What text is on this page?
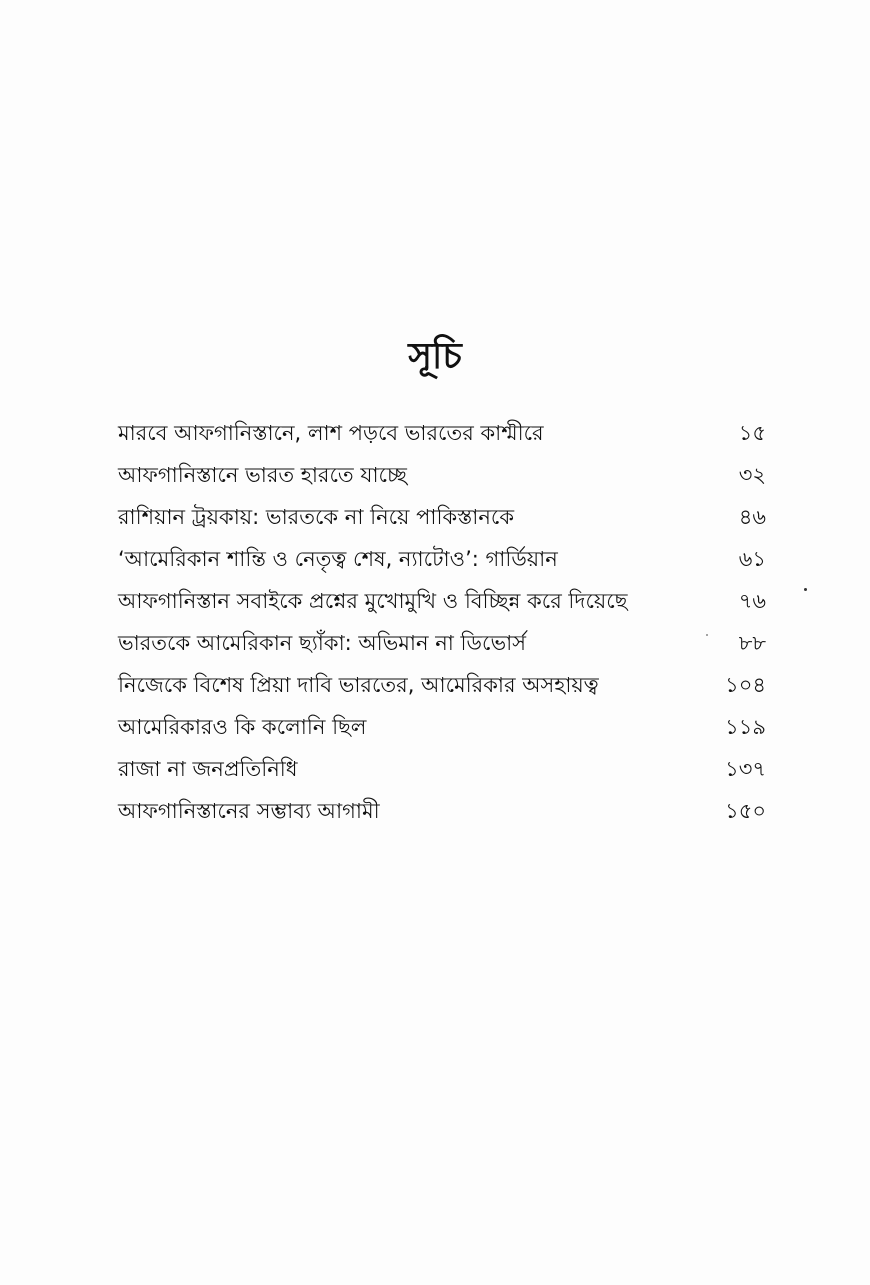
সূচি
মারবে আফগানিস্তানে, লাশ পড়বে ভারতের কাশ্মীরে	১৫
আফগানিস্তানে ভারত হারতে যাচ্ছে	৩২
রাশিয়ান ট্রয়কায়: ভারতকে না নিয়ে পাকিস্তানকে	৪৬
‘আমেরিকান শান্তি ও নেতৃত্ব শেষ, ন্যাটোও’: গার্ডিয়ান	৬১
আফগানিস্তান সবাইকে প্রশ্নের মুখোমুখি ও বিচ্ছিন্ন করে দিয়েছে	৭৬
ভারতকে আমেরিকান ছ্যাঁকা: অভিমান না ডিভোর্স	৮৮
নিজেকে বিশেষ প্রিয়া দাবি ভারতের, আমেরিকার অসহায়ত্ব	১০৪
আমেরিকারও কি কলোনি ছিল	১১৯
রাজা না জনপ্রতিনিধি	১৩৭
আফগানিস্তানের সম্ভাব্য আগামী	১৫০
